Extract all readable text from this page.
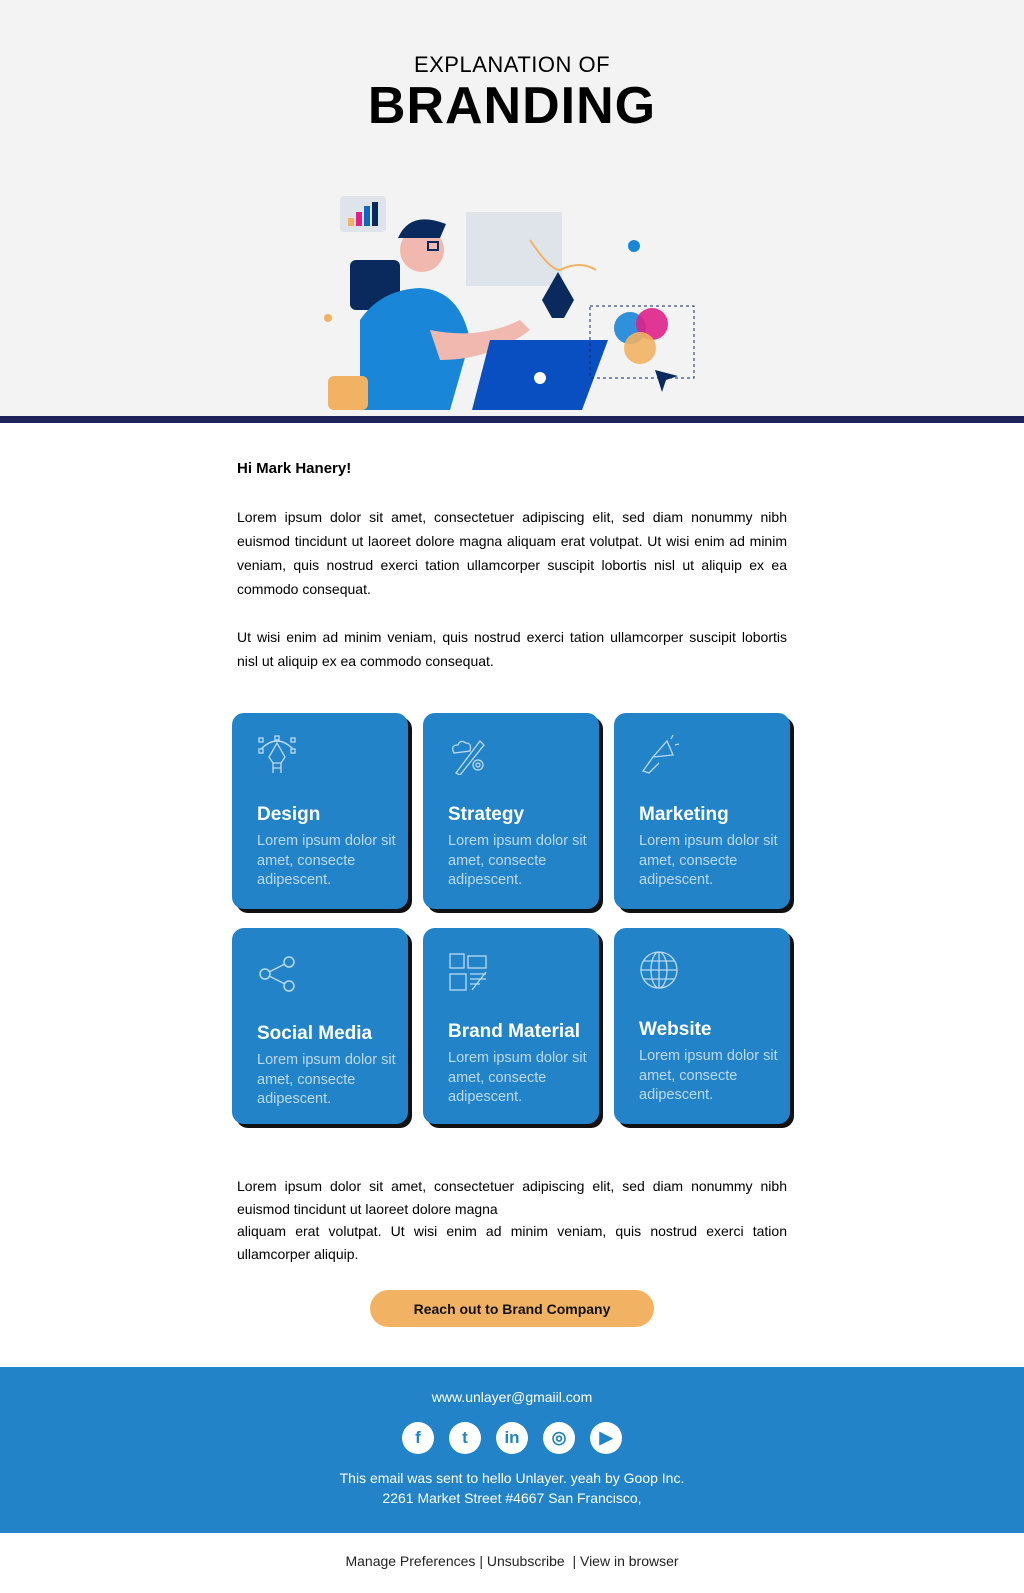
EXPLANATION OF
BRANDING
Hi Mark Hanery!
Lorem ipsum dolor sit amet, consectetuer adipiscing elit, sed diam nonummy nibh euismod tincidunt ut laoreet dolore magna aliquam erat volutpat. Ut wisi enim ad minim veniam, quis nostrud exerci tation ullamcorper suscipit lobortis nisl ut aliquip ex ea commodo consequat.
Ut wisi enim ad minim veniam, quis nostrud exerci tation ullamcorper suscipit lobortis nisl ut aliquip ex ea commodo consequat.
Design

Lorem ipsum dolor sit amet, consecte adipescent.

Strategy

Lorem ipsum dolor sit amet, consecte adipescent.

Marketing

Lorem ipsum dolor sit amet, consecte adipescent.

Social Media

Lorem ipsum dolor sit amet, consecte adipescent.

Brand Material

Lorem ipsum dolor sit amet, consecte adipescent.

Website

Lorem ipsum dolor sit amet, consecte adipescent.

Lorem ipsum dolor sit amet, consectetuer adipiscing elit, sed diam nonummy nibh euismod tincidunt ut laoreet dolore magna
aliquam erat volutpat. Ut wisi enim ad minim veniam, quis nostrud exerci tation ullamcorper aliquip.
Reach out to Brand Company
www.unlayer@gmaiil.com
f	t	in	◎	▶
This email was sent to hello Unlayer. yeah by Goop Inc.
2261 Market Street #4667 San Francisco,
Manage Preferences | Unsubscribe | View in browser
